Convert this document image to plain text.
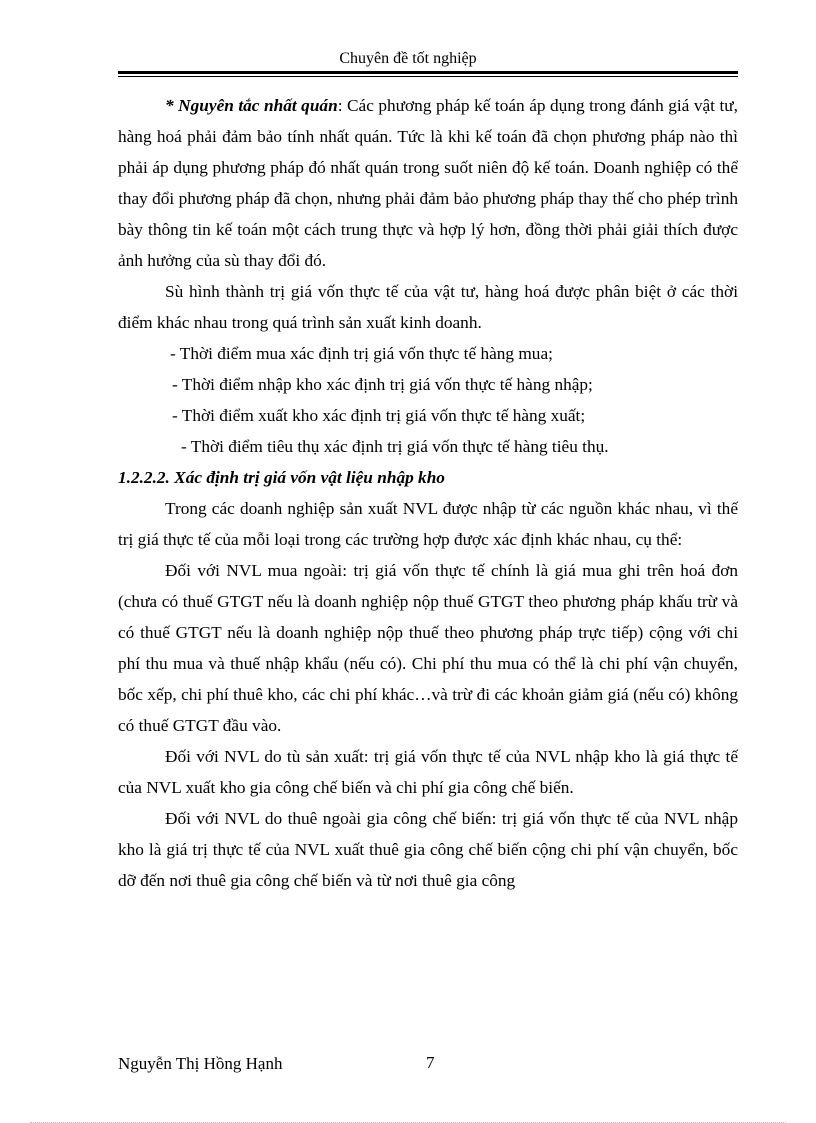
Chuyên đề tốt nghiệp

* Nguyên tắc nhất quán: Các phương pháp kế toán áp dụng trong đánh giá vật tư, hàng hoá phải đảm bảo tính nhất quán. Tức là khi kế toán đã chọn phương pháp nào thì phải áp dụng phương pháp đó nhất quán trong suốt niên độ kế toán. Doanh nghiệp có thể thay đổi phương pháp đã chọn, nhưng phải đảm bảo phương pháp thay thế cho phép trình bày thông tin kế toán một cách trung thực và hợp lý hơn, đồng thời phải giải thích được ảnh hưởng của sù thay đổi đó.

Sù hình thành trị giá vốn thực tế của vật tư, hàng hoá được phân biệt ở các thời điểm khác nhau trong quá trình sản xuất kinh doanh.

- Thời điểm mua xác định trị giá vốn thực tế hàng mua;

- Thời điểm nhập kho xác định trị giá vốn thực tế hàng nhập;

- Thời điểm xuất kho xác định trị giá vốn thực tế hàng xuất;

- Thời điểm tiêu thụ xác định trị giá vốn thực tế hàng tiêu thụ.

1.2.2.2. Xác định trị giá vốn vật liệu nhập kho

Trong các doanh nghiệp sản xuất NVL được nhập từ các nguồn khác nhau, vì thế trị giá thực tế của mỗi loại trong các trường hợp được xác định khác nhau, cụ thể:

Đối với NVL mua ngoài: trị giá vốn thực tế chính là giá mua ghi trên hoá đơn (chưa có thuế GTGT nếu là doanh nghiệp nộp thuế GTGT theo phương pháp khấu trừ và có thuế GTGT nếu là doanh nghiệp nộp thuế theo phương pháp trực tiếp) cộng với chi phí thu mua và thuế nhập khẩu (nếu có). Chi phí thu mua có thể là chi phí vận chuyển, bốc xếp, chi phí thuê kho, các chi phí khác…và trừ đi các khoản giảm giá (nếu có) không có thuế GTGT đầu vào.

Đối với NVL do tù sản xuất: trị giá vốn thực tế của NVL nhập kho là giá thực tế của NVL xuất kho gia công chế biến và chi phí gia công chế biến.

Đối với NVL do thuê ngoài gia công chế biến: trị giá vốn thực tế của NVL nhập kho là giá trị thực tế của NVL xuất thuê gia công chế biến cộng chi phí vận chuyển, bốc dỡ đến nơi thuê gia công chế biến và từ nơi thuê gia công

Nguyễn Thị Hồng Hạnh	7
